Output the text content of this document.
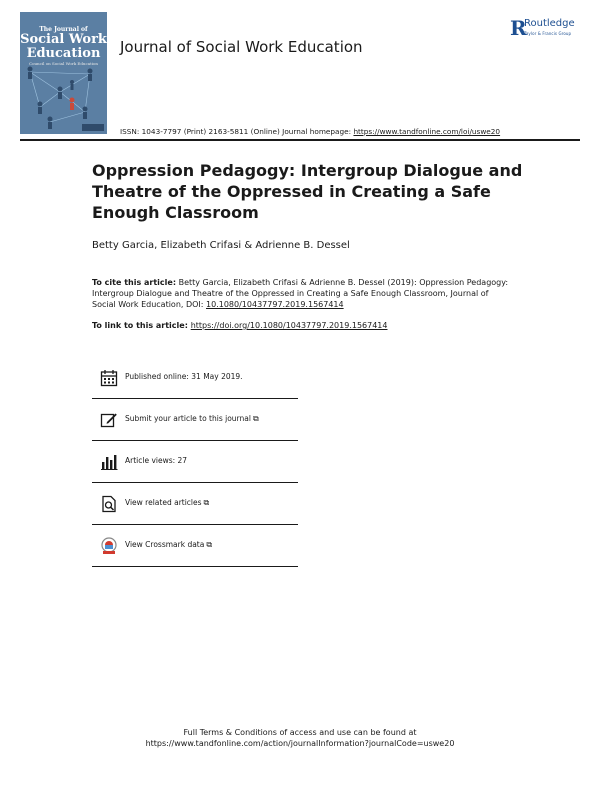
The Journal of
Social Work
Education
Council on Social Work Education
Journal of Social Work Education
R
Routledge
Taylor & Francis Group
ISSN: 1043-7797 (Print) 2163-5811 (Online) Journal homepage: https://www.tandfonline.com/loi/uswe20
Oppression Pedagogy: Intergroup Dialogue and Theatre of the Oppressed in Creating a Safe Enough Classroom
Betty Garcia, Elizabeth Crifasi & Adrienne B. Dessel
To cite this article: Betty Garcia, Elizabeth Crifasi & Adrienne B. Dessel (2019): Oppression Pedagogy: Intergroup Dialogue and Theatre of the Oppressed in Creating a Safe Enough Classroom, Journal of Social Work Education, DOI: 10.1080/10437797.2019.1567414
To link to this article: https://doi.org/10.1080/10437797.2019.1567414
Published online: 31 May 2019.
Submit your article to this journal ⧉
Article views: 27
View related articles ⧉
View Crossmark data ⧉
Full Terms & Conditions of access and use can be found at
https://www.tandfonline.com/action/journalInformation?journalCode=uswe20
